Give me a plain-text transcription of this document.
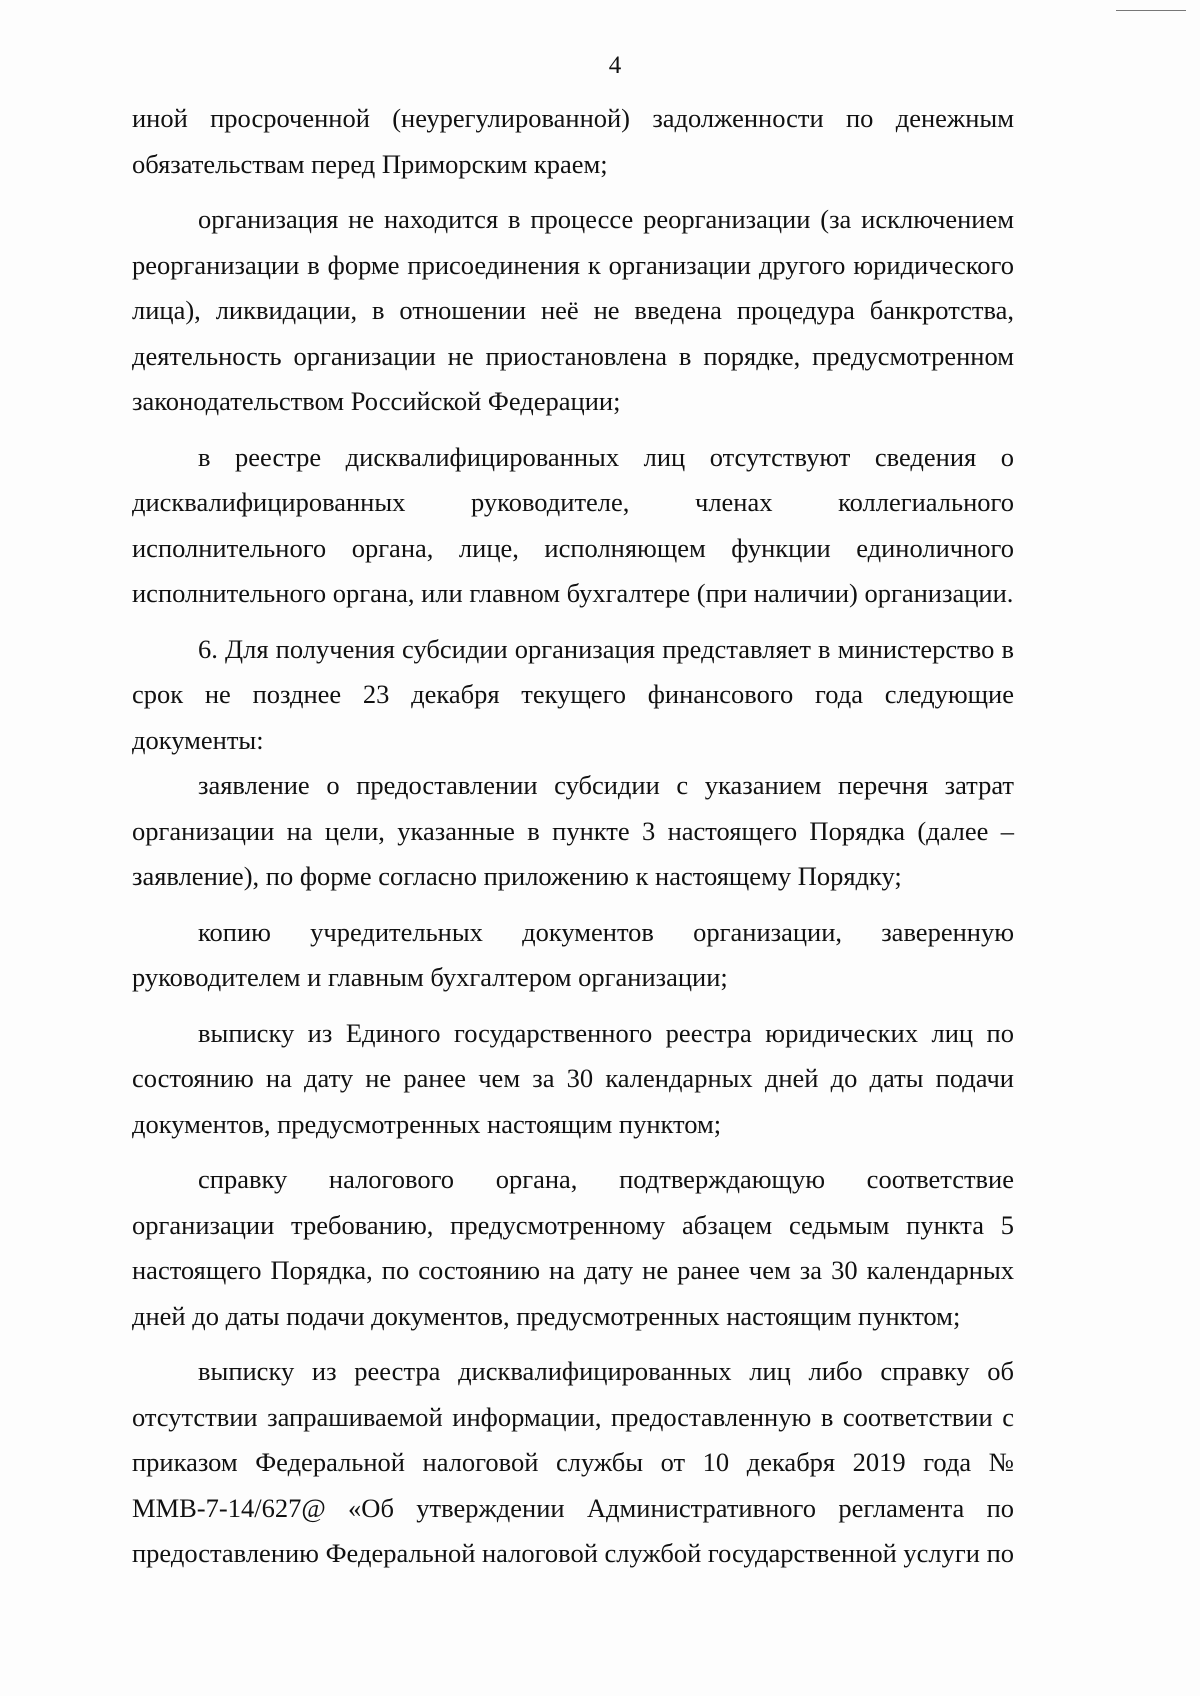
4

иной просроченной (неурегулированной) задолженности по денежным обязательствам перед Приморским краем;

организация не находится в процессе реорганизации (за исключением реорганизации в форме присоединения к организации другого юридического лица), ликвидации, в отношении неё не введена процедура банкротства, деятельность организации не приостановлена в порядке, предусмотренном законодательством Российской Федерации;

в реестре дисквалифицированных лиц отсутствуют сведения о дисквалифицированных руководителе, членах коллегиального исполнительного органа, лице, исполняющем функции единоличного исполнительного органа, или главном бухгалтере (при наличии) организации.

6. Для получения субсидии организация представляет в министерство в срок не позднее 23 декабря текущего финансового года следующие документы:

заявление о предоставлении субсидии с указанием перечня затрат организации на цели, указанные в пункте 3 настоящего Порядка (далее – заявление), по форме согласно приложению к настоящему Порядку;

копию учредительных документов организации, заверенную руководителем и главным бухгалтером организации;

выписку из Единого государственного реестра юридических лиц по состоянию на дату не ранее чем за 30 календарных дней до даты подачи документов, предусмотренных настоящим пунктом;

справку налогового органа, подтверждающую соответствие организации требованию, предусмотренному абзацем седьмым пункта 5 настоящего Порядка, по состоянию на дату не ранее чем за 30 календарных дней до даты подачи документов, предусмотренных настоящим пунктом;

выписку из реестра дисквалифицированных лиц либо справку об отсутствии запрашиваемой информации, предоставленную в соответствии с приказом Федеральной налоговой службы от 10 декабря 2019 года № ММВ-7-14/627@ «Об утверждении Административного регламента по предоставлению Федеральной налоговой службой государственной услуги по
